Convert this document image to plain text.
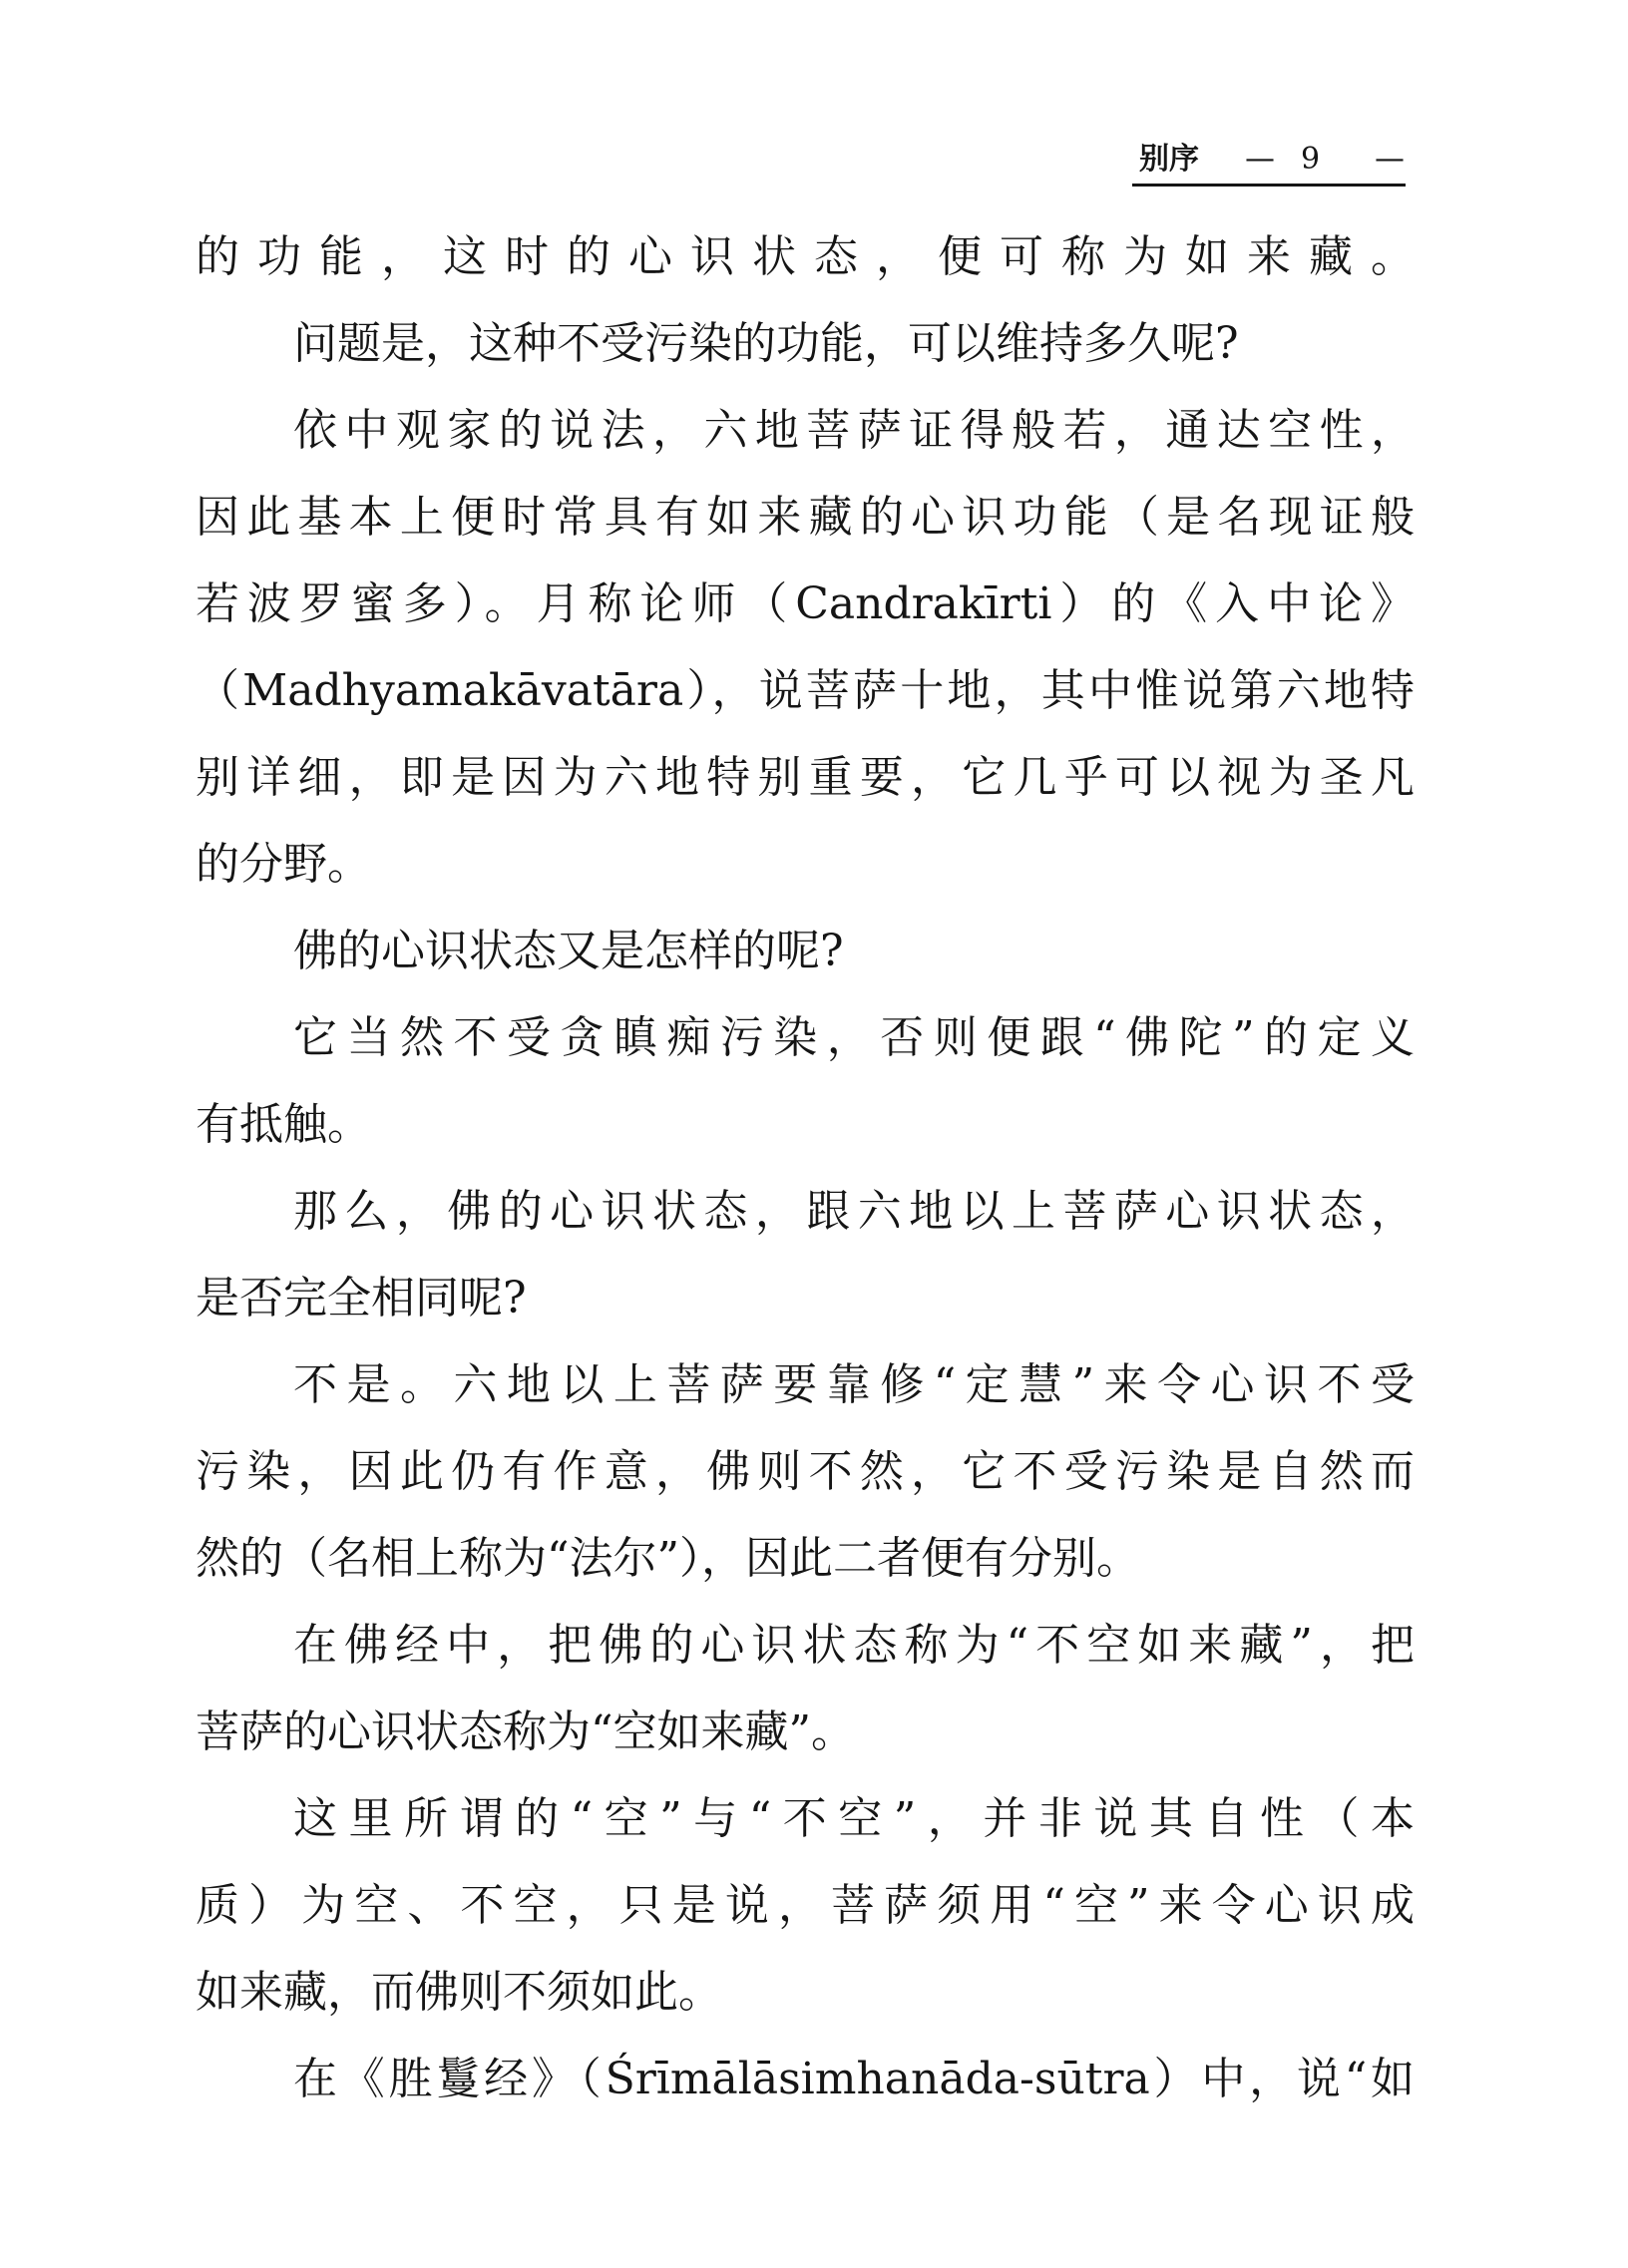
别序 — 9 —
的功能，这时的心识状态，便可称为如来藏。
问题是，这种不受污染的功能，可以维持多久呢?
依中观家的说法，六地菩萨证得般若，通达空性，
因此基本上便时常具有如来藏的心识功能（是名现证般
若波罗蜜多）。月称论师（Candrakīrti）的《入中论》
（Madhyamakāvatāra），说菩萨十地，其中惟说第六地特
别详细，即是因为六地特别重要，它几乎可以视为圣凡
的分野。
佛的心识状态又是怎样的呢?
它当然不受贪瞋痴污染，否则便跟“佛陀”的定义
有抵触。
那么，佛的心识状态，跟六地以上菩萨心识状态，
是否完全相同呢?
不是。六地以上菩萨要靠修“定慧”来令心识不受
污染，因此仍有作意，佛则不然，它不受污染是自然而
然的（名相上称为“法尔”），因此二者便有分别。
在佛经中，把佛的心识状态称为“不空如来藏”，把
菩萨的心识状态称为“空如来藏”。
这里所谓的“空”与“不空”，并非说其自性（本
质）为空、不空，只是说，菩萨须用“空”来令心识成
如来藏，而佛则不须如此。
在《胜鬘经》（Śrīmālāsimhanāda-sūtra）中，说“如
